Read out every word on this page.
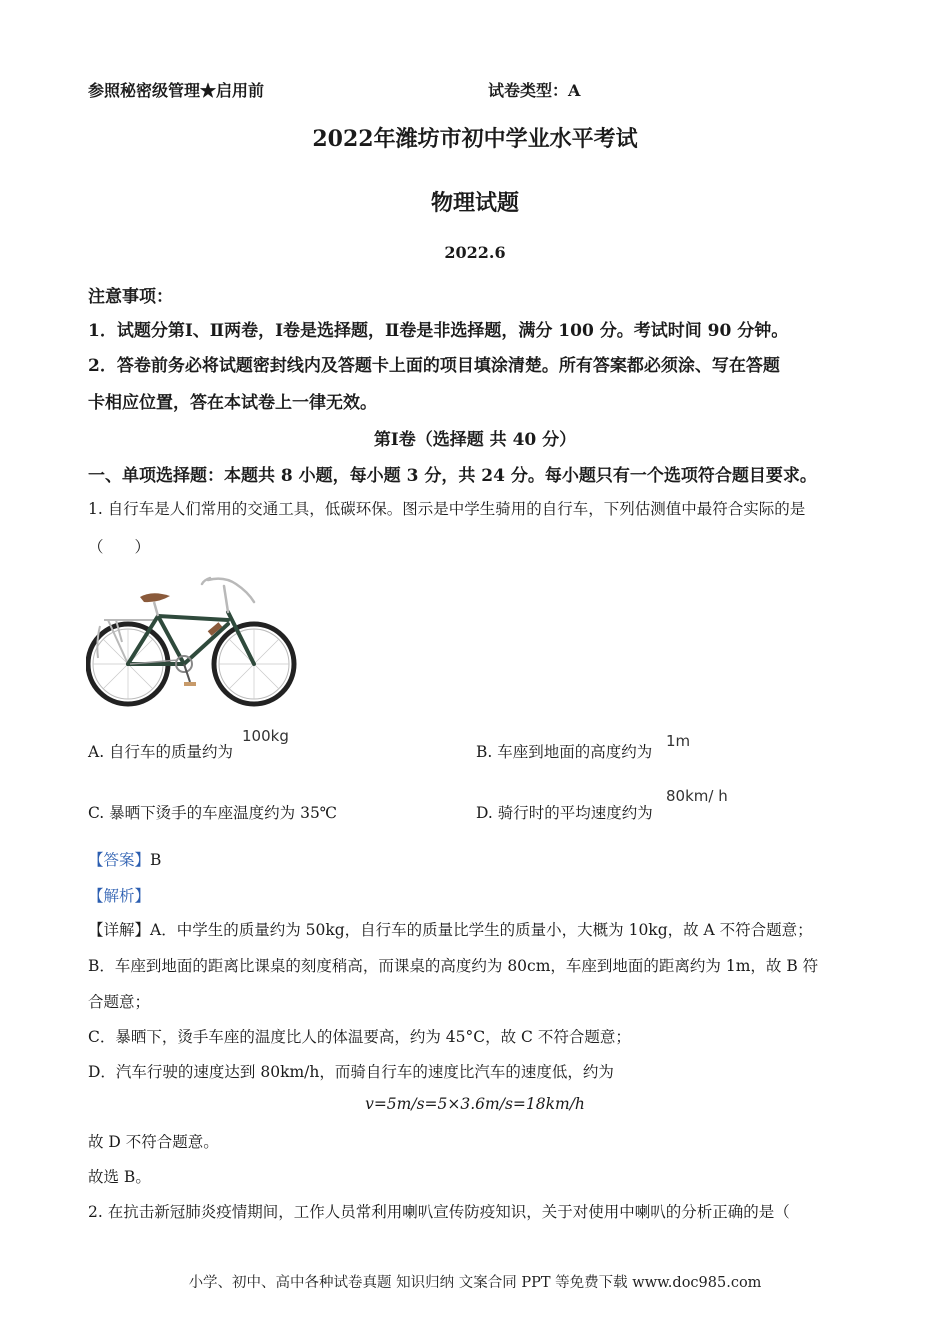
参照秘密级管理★启用前	试卷类型：A
2022年潍坊市初中学业水平考试
物理试题
2022.6
注意事项：
1．试题分第Ⅰ、Ⅱ两卷，Ⅰ卷是选择题，Ⅱ卷是非选择题，满分 100 分。考试时间 90 分钟。
2．答卷前务必将试题密封线内及答题卡上面的项目填涂清楚。所有答案都必须涂、写在答题
卡相应位置，答在本试卷上一律无效。
第Ⅰ卷（选择题 共 40 分）
一、单项选择题：本题共 8 小题，每小题 3 分，共 24 分。每小题只有一个选项符合题目要求。
1. 自行车是人们常用的交通工具，低碳环保。图示是中学生骑用的自行车，下列估测值中最符合实际的是
（　　）
A. 自行车的质量约为
100kg
B. 车座到地面的高度约为
1m
C. 暴晒下烫手的车座温度约为 35℃	D. 骑行时的平均速度约为
80km/ h
【答案】B
【解析】
【详解】A．中学生的质量约为 50kg，自行车的质量比学生的质量小，大概为 10kg，故 A 不符合题意；
B．车座到地面的距离比课桌的刻度稍高，而课桌的高度约为 80cm，车座到地面的距离约为 1m，故 B 符
合题意；
C．暴晒下，烫手车座的温度比人的体温要高，约为 45°C，故 C 不符合题意；
D．汽车行驶的速度达到 80km/h，而骑自行车的速度比汽车的速度低，约为
v=5m/s=5×3.6m/s=18km/h
故 D 不符合题意。
故选 B。
2. 在抗击新冠肺炎疫情期间，工作人员常利用喇叭宣传防疫知识，关于对使用中喇叭的分析正确的是（
小学、初中、高中各种试卷真题 知识归纳 文案合同 PPT 等免费下载 www.doc985.com
